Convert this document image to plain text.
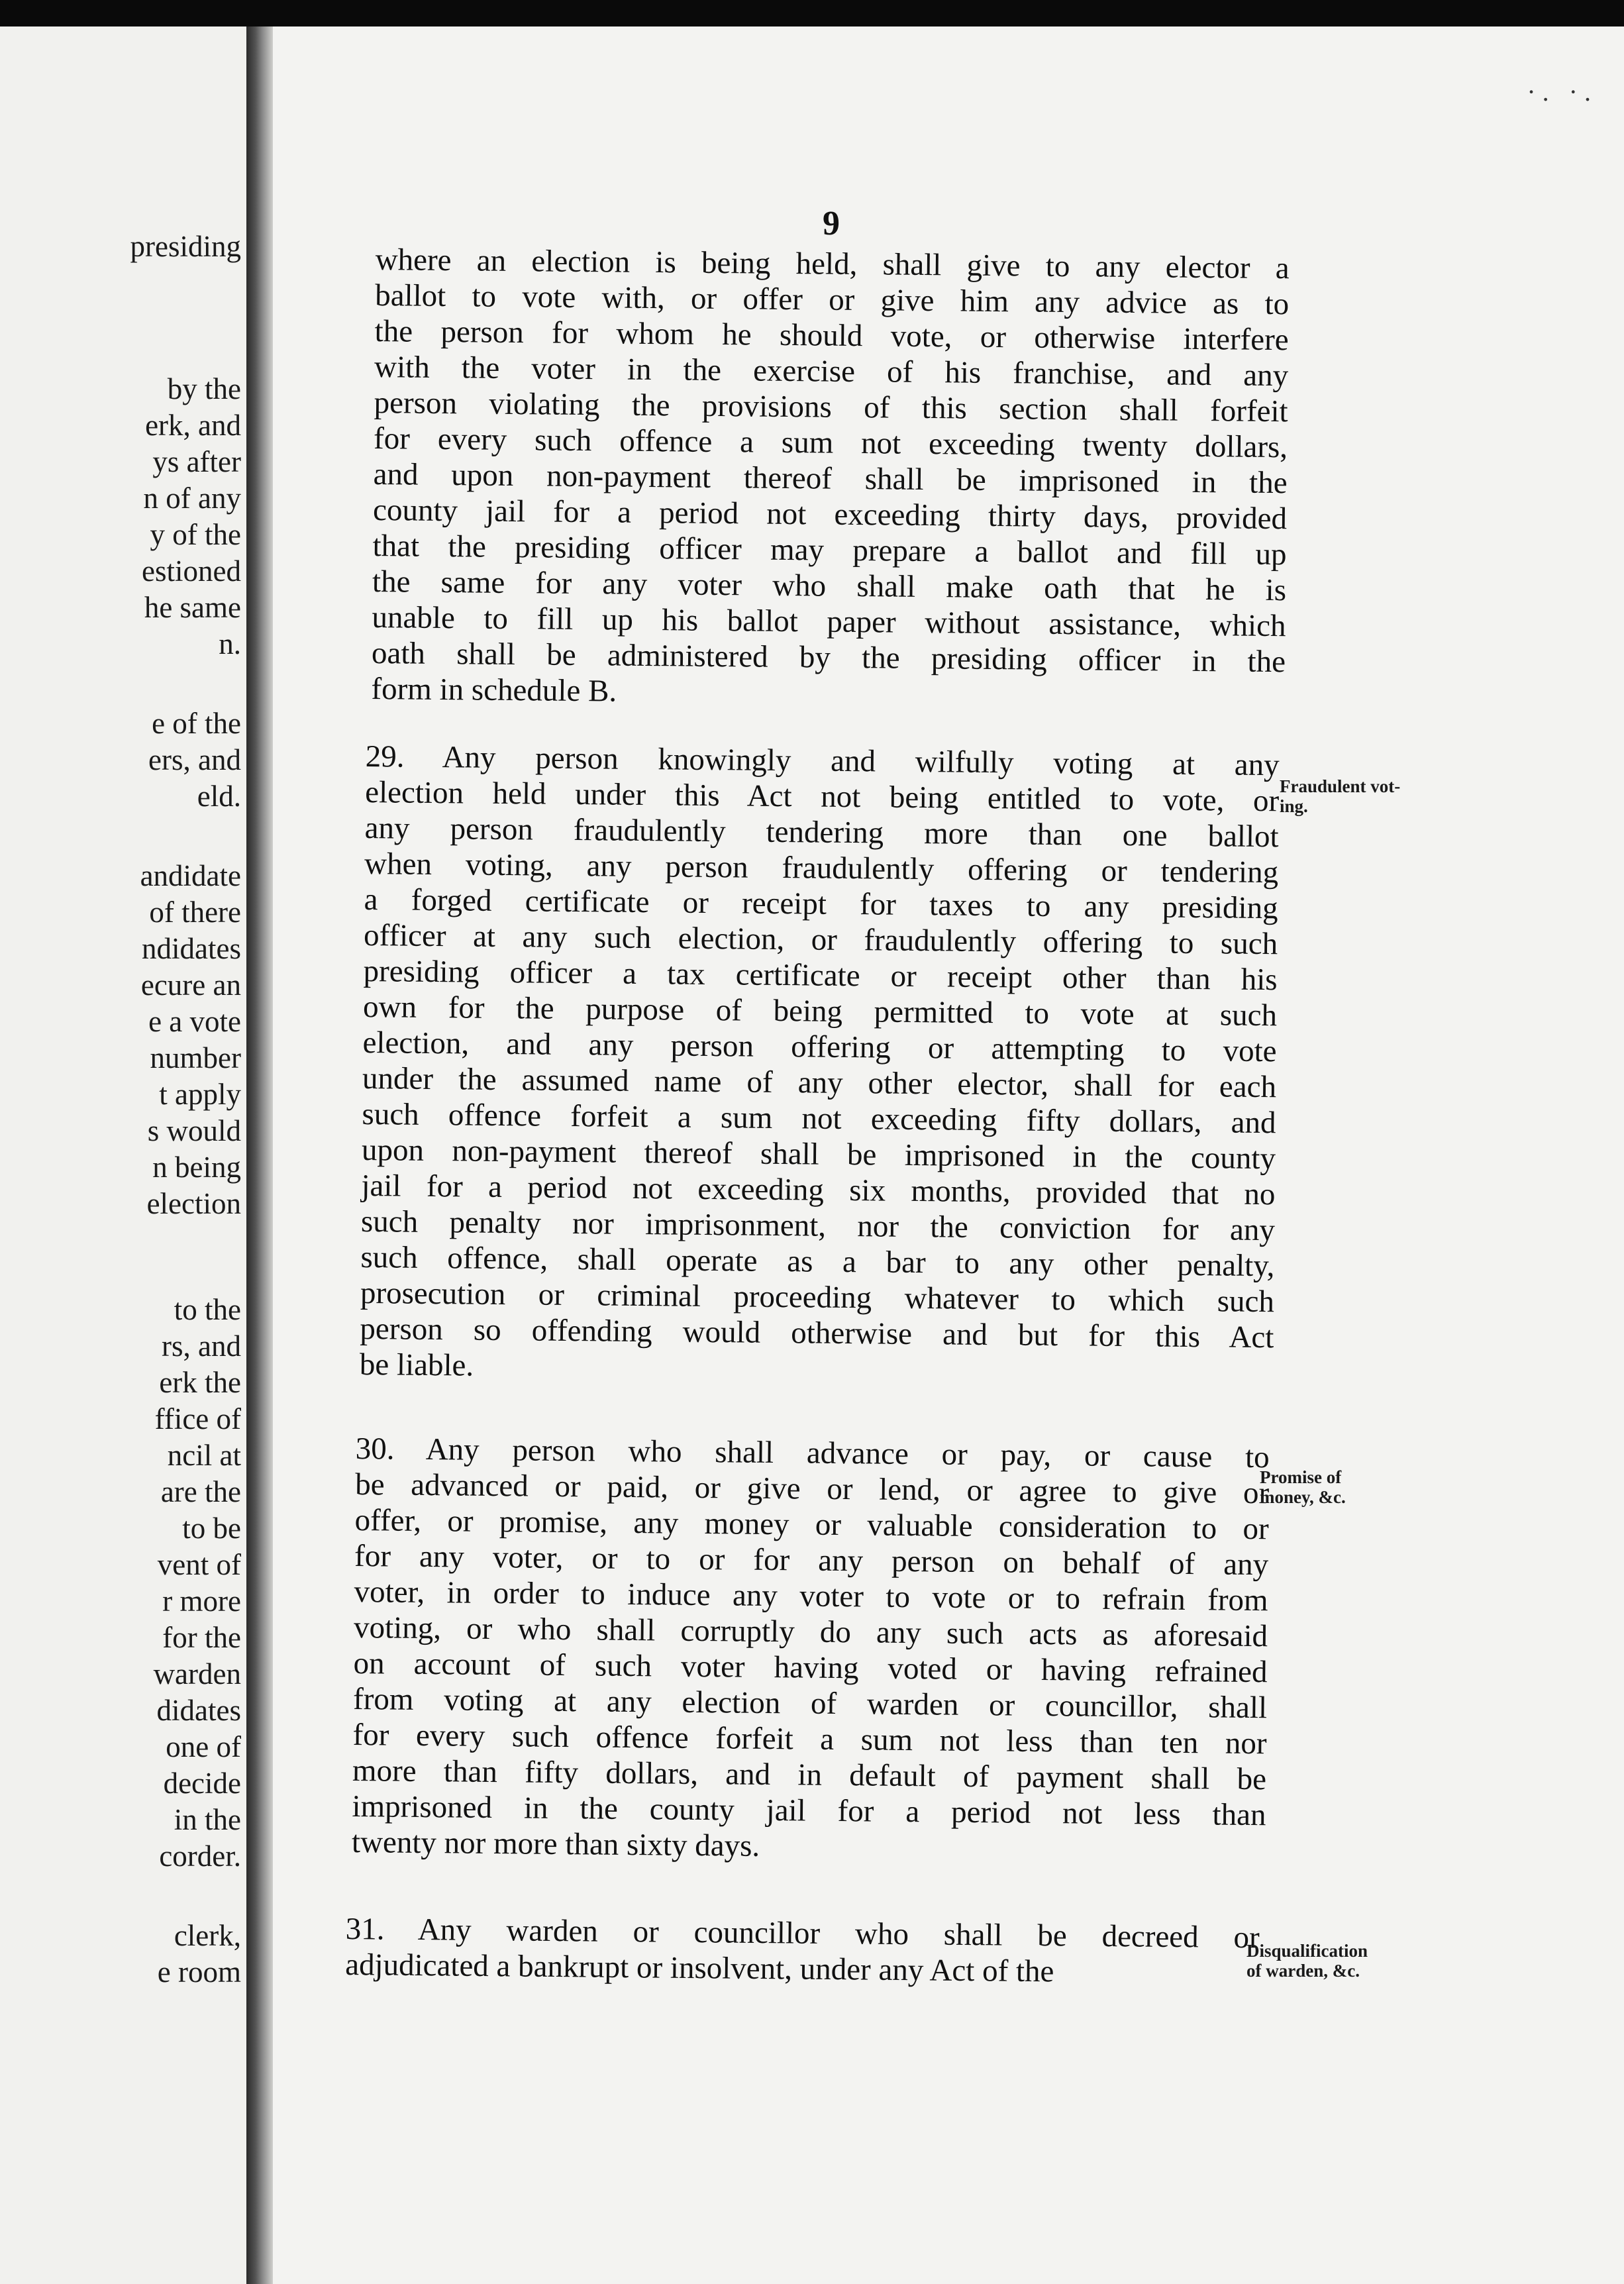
presiding
by the
erk, and
ys after
n of any
y of the
estioned
he same
n.
e of the
ers, and
eld.
andidate
of there
ndidates
ecure an
e a vote
number
t apply
s would
n being
election
to the
rs, and
erk the
ffice of
ncil at
are the
to be
vent of
r more
for the
warden
didates
one of
decide
in the
corder.
clerk,
e room
·. ·.
9
where an election is being held, shall give to any elector a
ballot to vote with, or offer or give him any advice as to
the person for whom he should vote, or otherwise interfere
with the voter in the exercise of his franchise, and any
person violating the provisions of this section shall forfeit
for every such offence a sum not exceeding twenty dollars,
and upon non-payment thereof shall be imprisoned in the
county jail for a period not exceeding thirty days, provided
that the presiding officer may prepare a ballot and fill up
the same for any voter who shall make oath that he is
unable to fill up his ballot paper without assistance, which
oath shall be administered by the presiding officer in the
form in schedule B.
29. Any person knowingly and wilfully voting at any
election held under this Act not being entitled to vote, or
any person fraudulently tendering more than one ballot
when voting, any person fraudulently offering or tendering
a forged certificate or receipt for taxes to any presiding
officer at any such election, or fraudulently offering to such
presiding officer a tax certificate or receipt other than his
own for the purpose of being permitted to vote at such
election, and any person offering or attempting to vote
under the assumed name of any other elector, shall for each
such offence forfeit a sum not exceeding fifty dollars, and
upon non-payment thereof shall be imprisoned in the county
jail for a period not exceeding six months, provided that no
such penalty nor imprisonment, nor the conviction for any
such offence, shall operate as a bar to any other penalty,
prosecution or criminal proceeding whatever to which such
person so offending would otherwise and but for this Act
be liable.
30. Any person who shall advance or pay, or cause to
be advanced or paid, or give or lend, or agree to give or
offer, or promise, any money or valuable consideration to or
for any voter, or to or for any person on behalf of any
voter, in order to induce any voter to vote or to refrain from
voting, or who shall corruptly do any such acts as aforesaid
on account of such voter having voted or having refrained
from voting at any election of warden or councillor, shall
for every such offence forfeit a sum not less than ten nor
more than fifty dollars, and in default of payment shall be
imprisoned in the county jail for a period not less than
twenty nor more than sixty days.
31. Any warden or councillor who shall be decreed or
adjudicated a bankrupt or insolvent, under any Act of the
Fraudulent vot-
ing.
Promise of
money, &c.
Disqualification
of warden, &c.
